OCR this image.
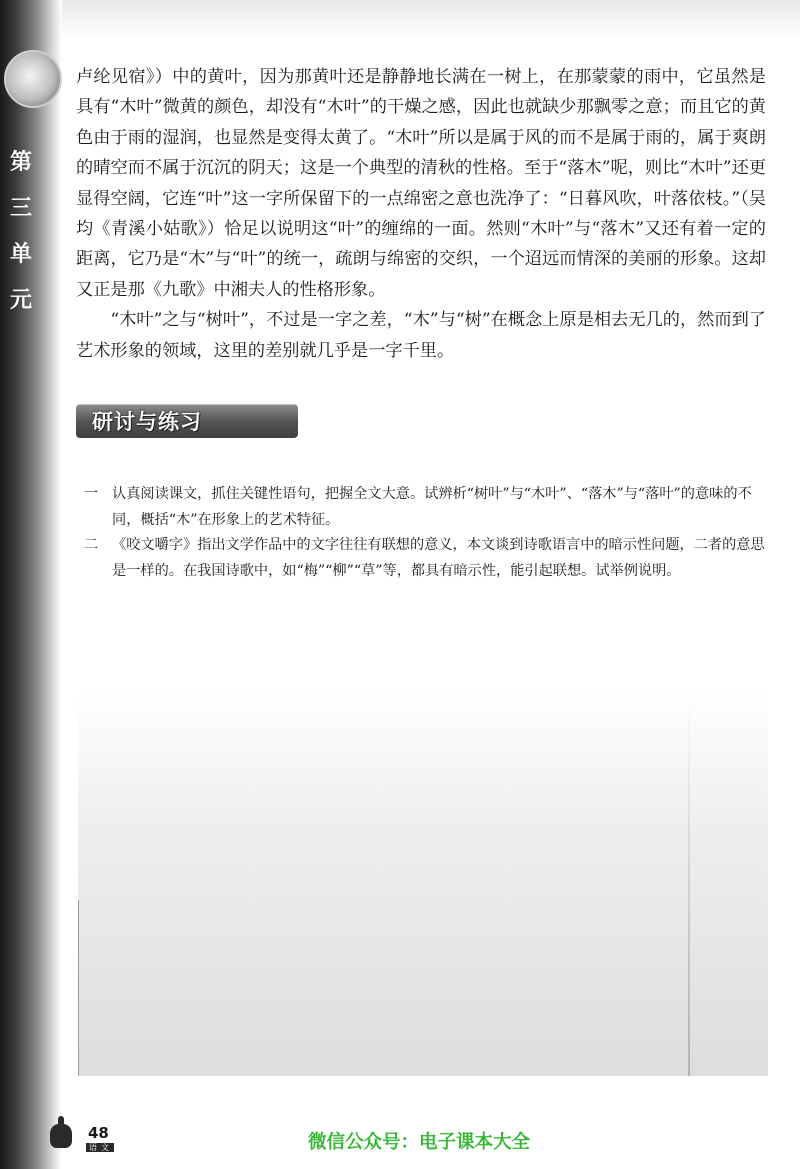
第
三
单
元

卢纶见宿》）中的黄叶，因为那黄叶还是静静地长满在一树上，在那蒙蒙的雨中，它虽然是具有“木叶”微黄的颜色，却没有“木叶”的干燥之感，因此也就缺少那飘零之意；而且它的黄色由于雨的湿润，也显然是变得太黄了。“木叶”所以是属于风的而不是属于雨的，属于爽朗的晴空而不属于沉沉的阴天；这是一个典型的清秋的性格。至于“落木”呢，则比“木叶”还更显得空阔，它连“叶”这一字所保留下的一点绵密之意也洗净了：“日暮风吹，叶落依枝。”（吴均《青溪小姑歌》）恰足以说明这“叶”的缠绵的一面。然则“木叶”与“落木”又还有着一定的距离，它乃是“木”与“叶”的统一，疏朗与绵密的交织，一个迢远而情深的美丽的形象。这却又正是那《九歌》中湘夫人的性格形象。

“木叶”之与“树叶”，不过是一字之差，“木”与“树”在概念上原是相去无几的，然而到了艺术形象的领域，这里的差别就几乎是一字千里。

研讨与练习
一 认真阅读课文，抓住关键性语句，把握全文大意。试辨析“树叶”与“木叶”、“落木”与“落叶”的意味的不同，概括“木”在形象上的艺术特征。
二 《咬文嚼字》指出文学作品中的文字往往有联想的意义，本文谈到诗歌语言中的暗示性问题，二者的意思是一样的。在我国诗歌中，如“梅”“柳”“草”等，都具有暗示性，能引起联想。试举例说明。
48
语文	微信公众号：电子课本大全
